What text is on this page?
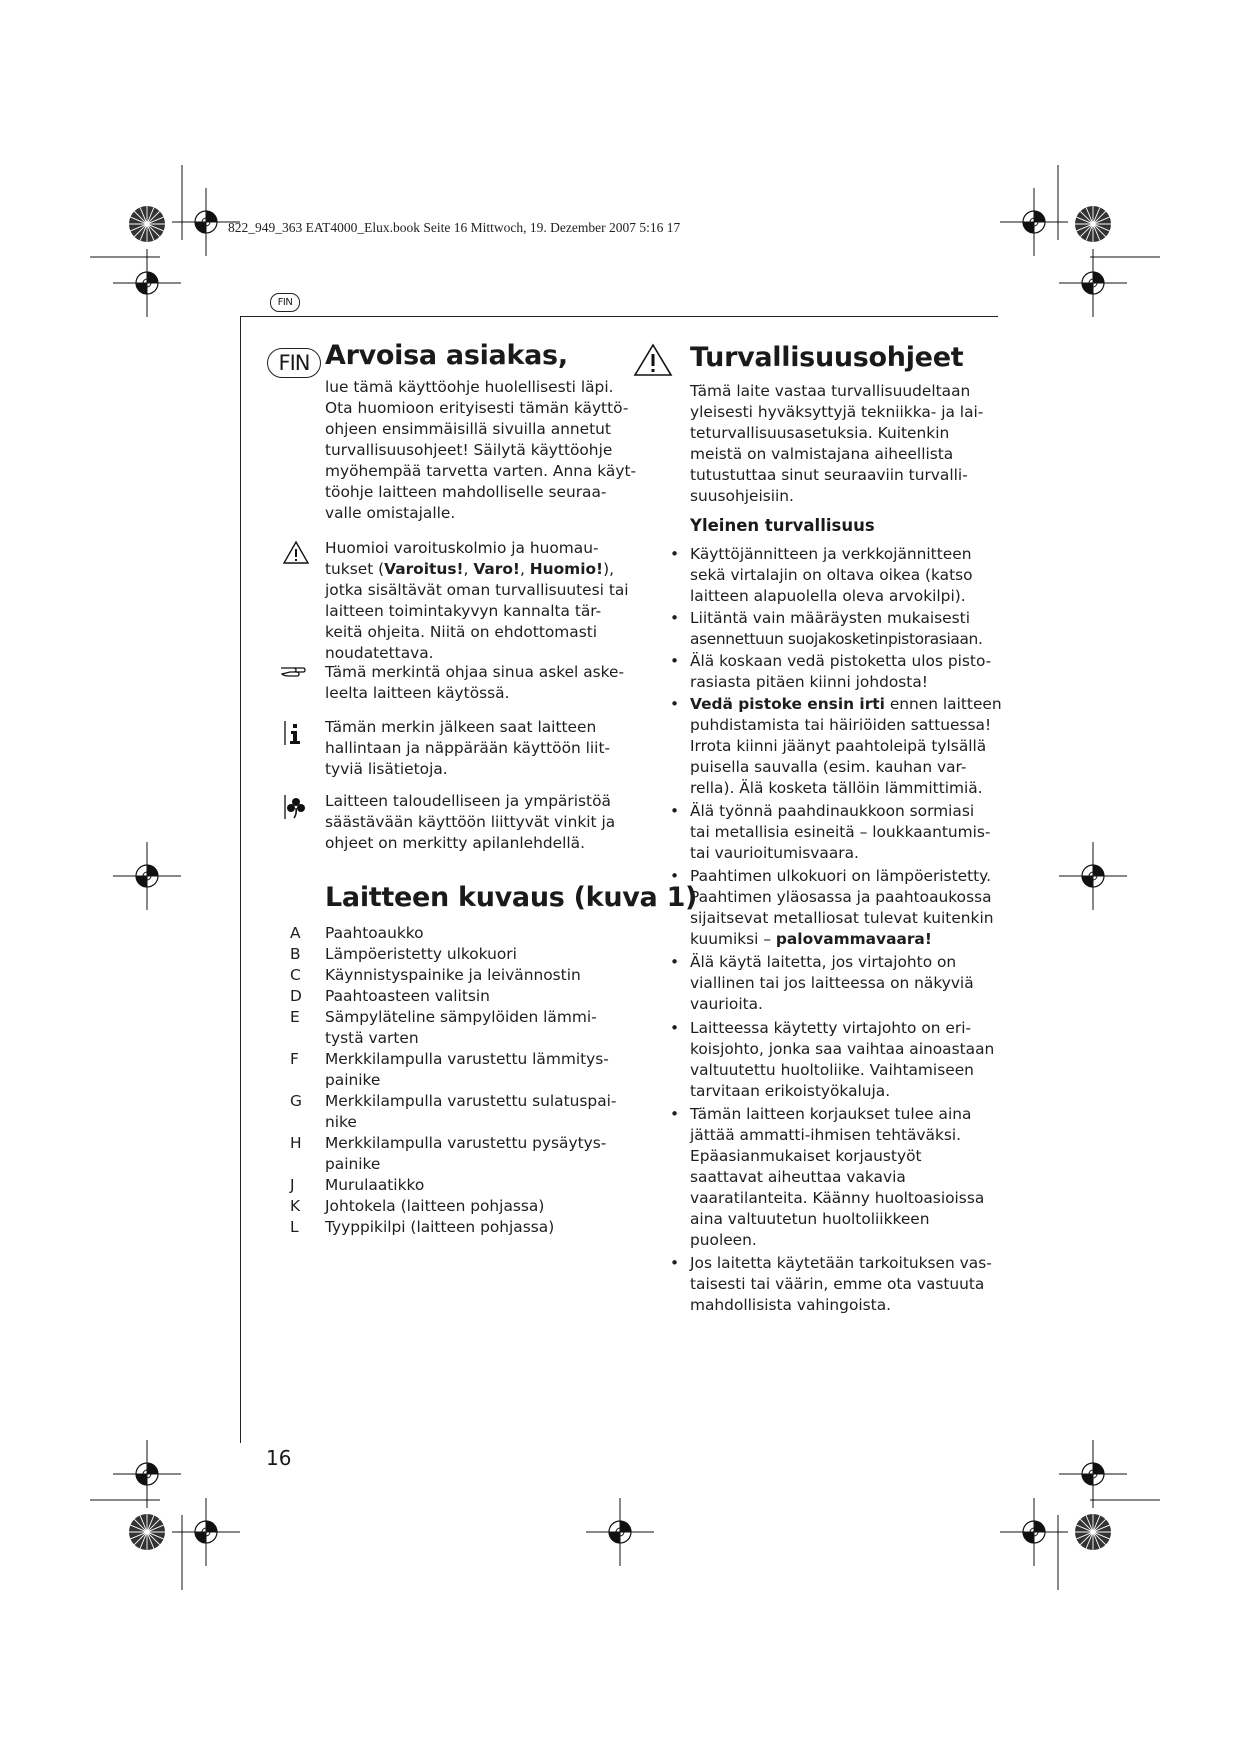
822_949_363 EAT4000_Elux.book Seite 16 Mittwoch, 19. Dezember 2007 5:16 17
FIN
FIN Arvoisa asiakas,
lue tämä käyttöohje huolellisesti läpi.
Ota huomioon erityisesti tämän käyttö-
ohjeen ensimmäisillä sivuilla annetut
turvallisuusohjeet! Säilytä käyttöohje
myöhempää tarvetta varten. Anna käyt-
töohje laitteen mahdolliselle seuraa-
valle omistajalle.
Huomioi varoituskolmio ja huomau-
tukset (Varoitus!, Varo!, Huomio!),
jotka sisältävät oman turvallisuutesi tai
laitteen toimintakyvyn kannalta tär-
keitä ohjeita. Niitä on ehdottomasti
noudatettava.
Tämä merkintä ohjaa sinua askel aske-
leelta laitteen käytössä.
Tämän merkin jälkeen saat laitteen
hallintaan ja näppärään käyttöön liit-
tyviä lisätietoja.
Laitteen taloudelliseen ja ympäristöä
säästävään käyttöön liittyvät vinkit ja
ohjeet on merkitty apilanlehdellä.
Laitteen kuvaus (kuva 1)
A Paahtoaukko
B Lämpöeristetty ulkokuori
C Käynnistyspainike ja leivännostin
D Paahtoasteen valitsin
E Sämpyläteline sämpylöiden lämmi-
tystä varten
F Merkkilampulla varustettu lämmitys-
painike
G Merkkilampulla varustettu sulatuspai-
nike
H Merkkilampulla varustettu pysäytys-
painike
J Murulaatikko
K Johtokela (laitteen pohjassa)
L Tyyppikilpi (laitteen pohjassa)
Turvallisuusohjeet
Tämä laite vastaa turvallisuudeltaan
yleisesti hyväksyttyjä tekniikka- ja lai-
teturvallisuusasetuksia. Kuitenkin
meistä on valmistajana aiheellista
tutustuttaa sinut seuraaviin turvalli-
suusohjeisiin.
Yleinen turvallisuus
• Käyttöjännitteen ja verkkojännitteen
sekä virtalajin on oltava oikea (katso
laitteen alapuolella oleva arvokilpi).
• Liitäntä vain määräysten mukaisesti
asennettuun suojakosketinpistorasiaan.
• Älä koskaan vedä pistoketta ulos pisto-
rasiasta pitäen kiinni johdosta!
• Vedä pistoke ensin irti ennen laitteen
puhdistamista tai häiriöiden sattuessa!
Irrota kiinni jäänyt paahtoleipä tylsällä
puisella sauvalla (esim. kauhan var-
rella). Älä kosketa tällöin lämmittimiä.
• Älä työnnä paahdinaukkoon sormiasi
tai metallisia esineitä – loukkaantumis-
tai vaurioitumisvaara.
• Paahtimen ulkokuori on lämpöeristetty.
Paahtimen yläosassa ja paahtoaukossa
sijaitsevat metalliosat tulevat kuitenkin
kuumiksi – palovammavaara!
• Älä käytä laitetta, jos virtajohto on
viallinen tai jos laitteessa on näkyviä
vaurioita.
• Laitteessa käytetty virtajohto on eri-
koisjohto, jonka saa vaihtaa ainoastaan
valtuutettu huoltoliike. Vaihtamiseen
tarvitaan erikoistyökaluja.
• Tämän laitteen korjaukset tulee aina
jättää ammatti-ihmisen tehtäväksi.
Epäasianmukaiset korjaustyöt
saattavat aiheuttaa vakavia
vaaratilanteita. Käänny huoltoasioissa
aina valtuutetun huoltoliikkeen
puoleen.
• Jos laitetta käytetään tarkoituksen vas-
taisesti tai väärin, emme ota vastuuta
mahdollisista vahingoista.
16
